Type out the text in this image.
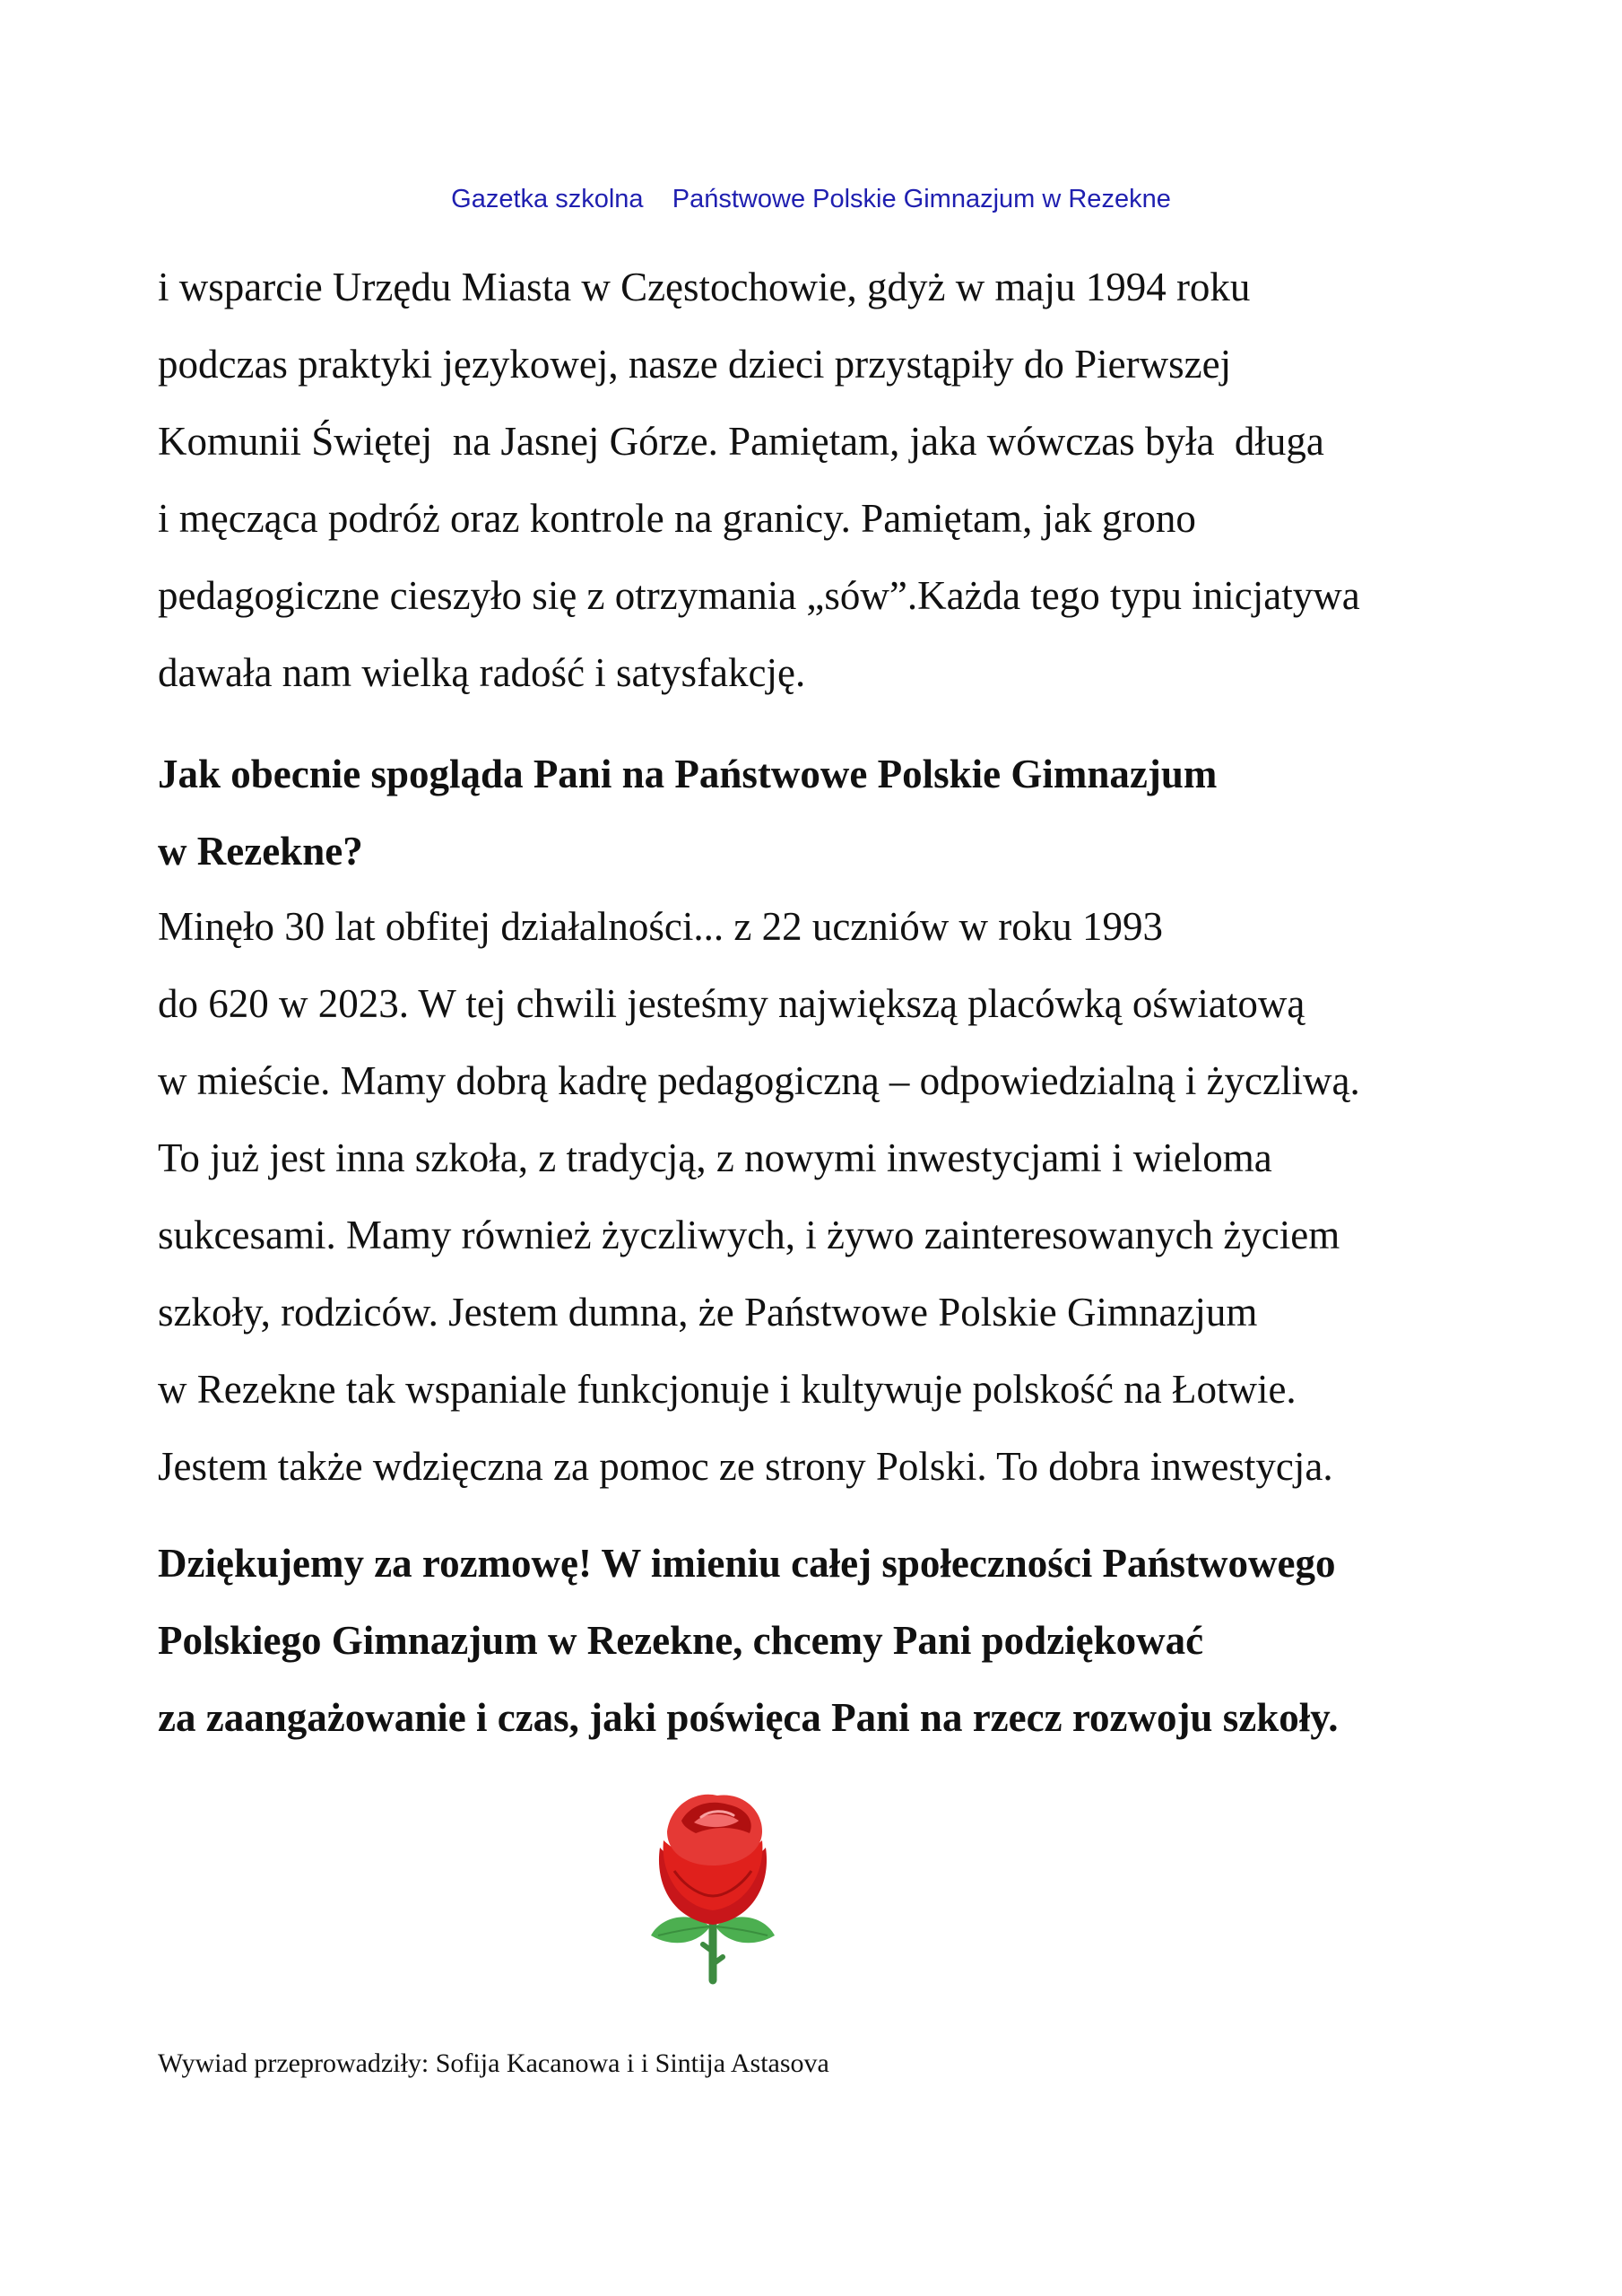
Gazetka szkolna    Państwowe Polskie Gimnazjum w Rezekne
i wsparcie Urzędu Miasta w Częstochowie, gdyż w maju 1994 roku
podczas praktyki językowej, nasze dzieci przystąpiły do Pierwszej
Komunii Świętej  na Jasnej Górze. Pamiętam, jaka wówczas była  długa
i męcząca podróż oraz kontrole na granicy. Pamiętam, jak grono
pedagogiczne cieszyło się z otrzymania „sów”.Każda tego typu inicjatywa
dawała nam wielką radość i satysfakcję.
Jak obecnie spogląda Pani na Państwowe Polskie Gimnazjum
w Rezekne?
Minęło 30 lat obfitej działalności... z 22 uczniów w roku 1993
do 620 w 2023. W tej chwili jesteśmy największą placówką oświatową
w mieście. Mamy dobrą kadrę pedagogiczną – odpowiedzialną i życzliwą.
To już jest inna szkoła, z tradycją, z nowymi inwestycjami i wieloma
sukcesami. Mamy również życzliwych, i żywo zainteresowanych życiem
szkoły, rodziców. Jestem dumna, że Państwowe Polskie Gimnazjum
w Rezekne tak wspaniale funkcjonuje i kultywuje polskość na Łotwie.
Jestem także wdzięczna za pomoc ze strony Polski. To dobra inwestycja.
Dziękujemy za rozmowę! W imieniu całej społeczności Państwowego
Polskiego Gimnazjum w Rezekne, chcemy Pani podziękować
za zaangażowanie i czas, jaki poświęca Pani na rzecz rozwoju szkoły.
Wywiad przeprowadziły: Sofija Kacanowa i i Sintija Astasova
